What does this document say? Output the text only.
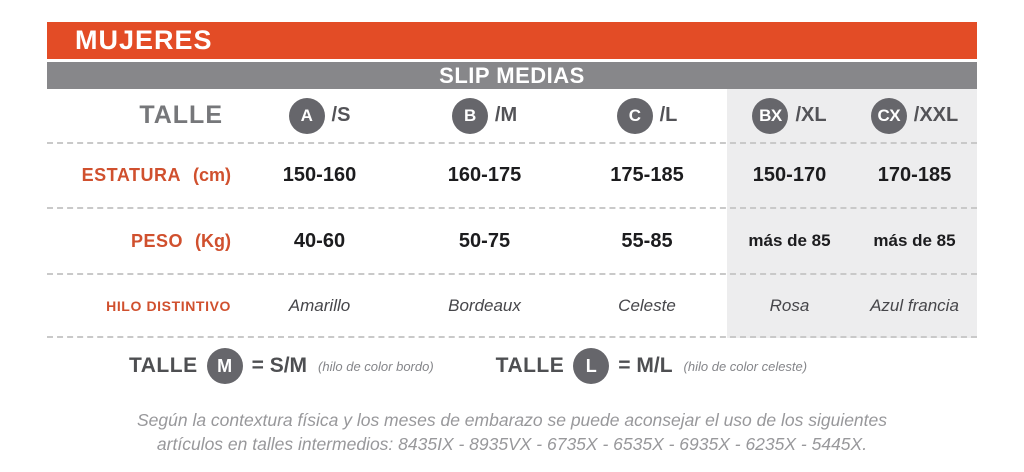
MUJERES
SLIP MEDIAS
TALLE	A /S	B /M	C /L	BX /XL	CX /XXL
ESTATURA (cm)	150-160	160-175	175-185	150-170	170-185
PESO (Kg)	40-60	50-75	55-85	más de 85	más de 85
HILO DISTINTIVO	Amarillo	Bordeaux	Celeste	Rosa	Azul francia
TALLE	M = S/M (hilo de color bordo)	TALLE	L	= M/L (hilo de color celeste)
Según la contextura física y los meses de embarazo se puede aconsejar el uso de los siguientes
artículos en talles intermedios: 8435IX - 8935VX - 6735X - 6535X - 6935X - 6235X - 5445X.
